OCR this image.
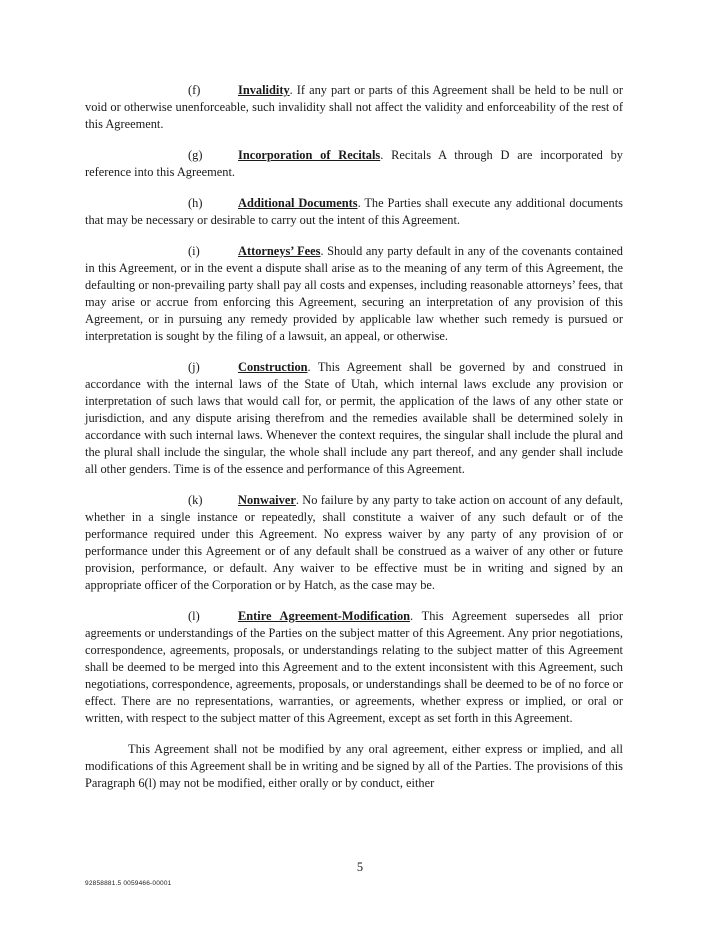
(f)	Invalidity. If any part or parts of this Agreement shall be held to be null or void or otherwise unenforceable, such invalidity shall not affect the validity and enforceability of the rest of this Agreement.

(g)	Incorporation of Recitals. Recitals A through D are incorporated by reference into this Agreement.

(h)	Additional Documents. The Parties shall execute any additional documents that may be necessary or desirable to carry out the intent of this Agreement.

(i)	Attorneys’ Fees. Should any party default in any of the covenants contained in this Agreement, or in the event a dispute shall arise as to the meaning of any term of this Agreement, the defaulting or non-prevailing party shall pay all costs and expenses, including reasonable attorneys’ fees, that may arise or accrue from enforcing this Agreement, securing an interpretation of any provision of this Agreement, or in pursuing any remedy provided by applicable law whether such remedy is pursued or interpretation is sought by the filing of a lawsuit, an appeal, or otherwise.

(j)	Construction. This Agreement shall be governed by and construed in accordance with the internal laws of the State of Utah, which internal laws exclude any provision or interpretation of such laws that would call for, or permit, the application of the laws of any other state or jurisdiction, and any dispute arising therefrom and the remedies available shall be determined solely in accordance with such internal laws. Whenever the context requires, the singular shall include the plural and the plural shall include the singular, the whole shall include any part thereof, and any gender shall include all other genders. Time is of the essence and performance of this Agreement.

(k)	Nonwaiver. No failure by any party to take action on account of any default, whether in a single instance or repeatedly, shall constitute a waiver of any such default or of the performance required under this Agreement. No express waiver by any party of any provision of or performance under this Agreement or of any default shall be construed as a waiver of any other or future provision, performance, or default. Any waiver to be effective must be in writing and signed by an appropriate officer of the Corporation or by Hatch, as the case may be.

(l)	Entire Agreement-Modification. This Agreement supersedes all prior agreements or understandings of the Parties on the subject matter of this Agreement. Any prior negotiations, correspondence, agreements, proposals, or understandings relating to the subject matter of this Agreement shall be deemed to be merged into this Agreement and to the extent inconsistent with this Agreement, such negotiations, correspondence, agreements, proposals, or understandings shall be deemed to be of no force or effect. There are no representations, warranties, or agreements, whether express or implied, or oral or written, with respect to the subject matter of this Agreement, except as set forth in this Agreement.

This Agreement shall not be modified by any oral agreement, either express or implied, and all modifications of this Agreement shall be in writing and be signed by all of the Parties. The provisions of this Paragraph 6(l) may not be modified, either orally or by conduct, either

5
92858881.5 0059466-00001
